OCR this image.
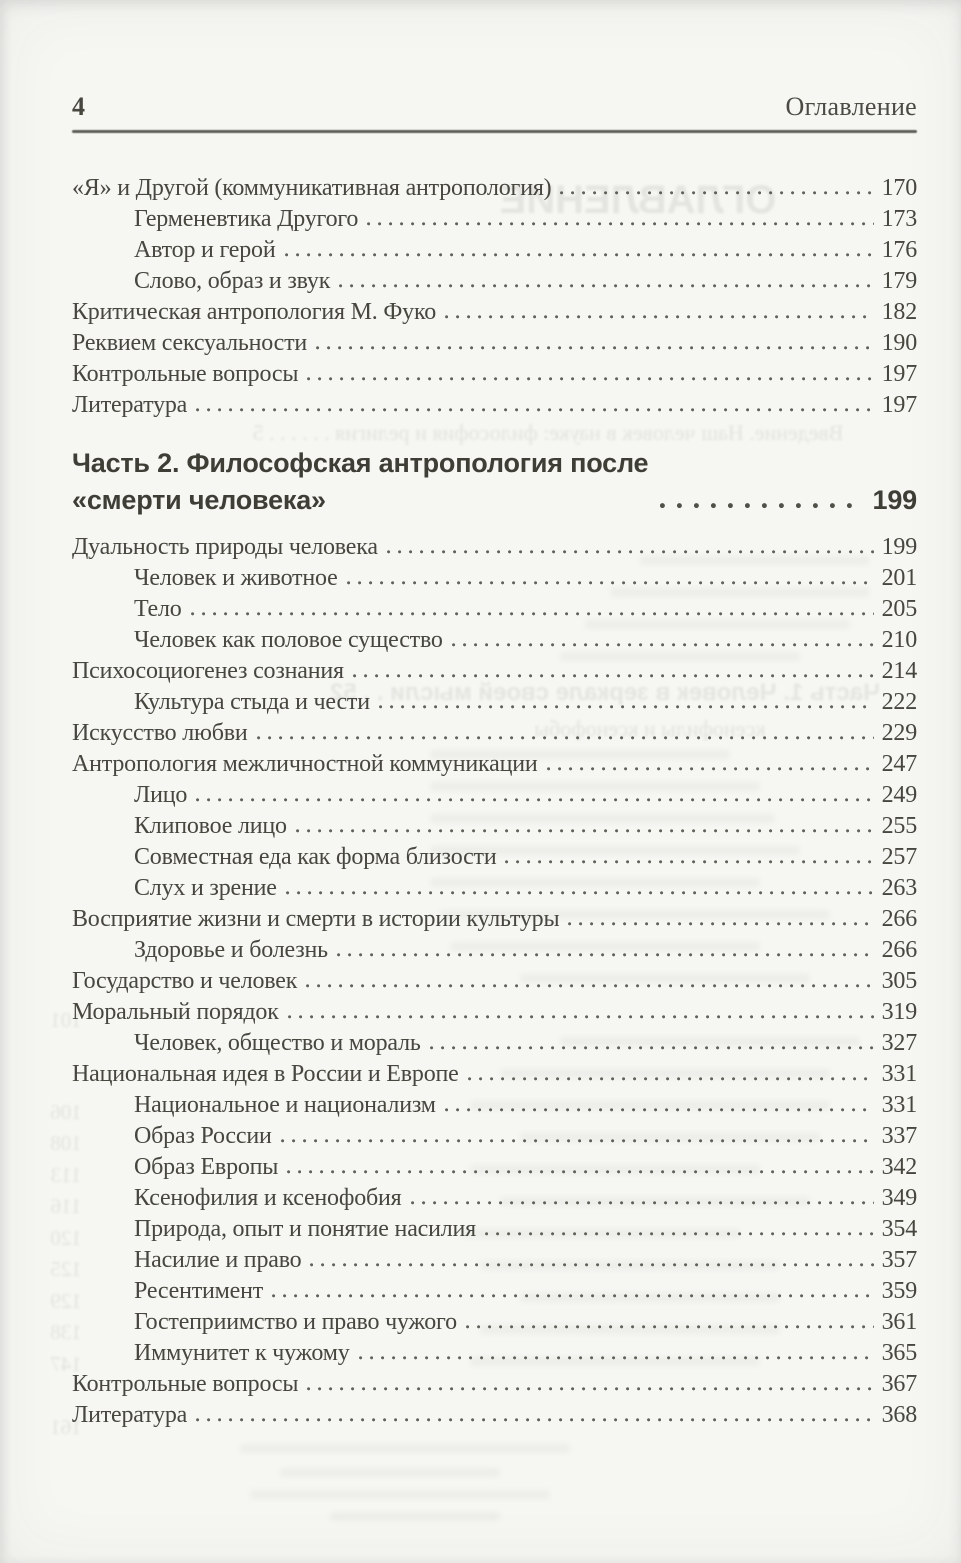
ОГЛАВЛЕНИЕ
Введение. Наш человек в науке: философия и религия . . . . . . 5
Часть 1. Человек в зеркале своей мысли . . 52
ксенофилы и ксенофобы
101
106
108
113
116
120
125
129
138
147
161
4	Оглавление
«Я» и Другой (коммуникативная антропология)	170
Герменевтика Другого	173
Автор и герой	176
Слово, образ и звук	179
Критическая антропология М. Фуко	182
Реквием сексуальности	190
Контрольные вопросы	197
Литература	197
Часть 2. Философская антропология после
«смерти человека»	199
Дуальность природы человека	199
Человек и животное	201
Тело	205
Человек как половое существо	210
Психосоциогенез сознания	214
Культура стыда и чести	222
Искусство любви	229
Антропология межличностной коммуникации	247
Лицо	249
Клиповое лицо	255
Совместная еда как форма близости	257
Слух и зрение	263
Восприятие жизни и смерти в истории культуры	266
Здоровье и болезнь	266
Государство и человек	305
Моральный порядок	319
Человек, общество и мораль	327
Национальная идея в России и Европе	331
Национальное и национализм	331
Образ России	337
Образ Европы	342
Ксенофилия и ксенофобия	349
Природа, опыт и понятие насилия	354
Насилие и право	357
Ресентимент	359
Гостеприимство и право чужого	361
Иммунитет к чужому	365
Контрольные вопросы	367
Литература	368
